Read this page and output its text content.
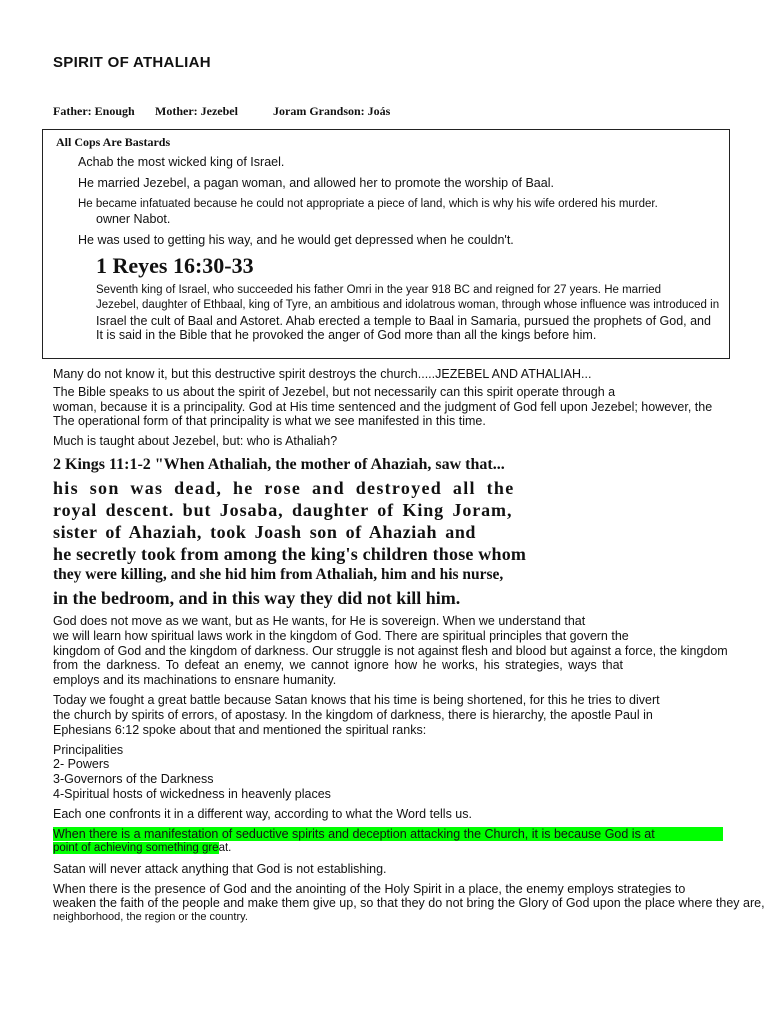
SPIRIT OF ATHALIAH
Father: Enough Mother: Jezebel	Joram Grandson: Joás
All Cops Are Bastards
Achab the most wicked king of Israel.
He married Jezebel, a pagan woman, and allowed her to promote the worship of Baal.
He became infatuated because he could not appropriate a piece of land, which is why his wife ordered his murder.
owner Nabot.
He was used to getting his way, and he would get depressed when he couldn't.
1 Reyes 16:30-33
Seventh king of Israel, who succeeded his father Omri in the year 918 BC and reigned for 27 years. He married
Jezebel, daughter of Ethbaal, king of Tyre, an ambitious and idolatrous woman, through whose influence was introduced in
Israel the cult of Baal and Astoret. Ahab erected a temple to Baal in Samaria, pursued the prophets of God, and
It is said in the Bible that he provoked the anger of God more than all the kings before him.
Many do not know it, but this destructive spirit destroys the church.....JEZEBEL AND ATHALIAH...
The Bible speaks to us about the spirit of Jezebel, but not necessarily can this spirit operate through a
woman, because it is a principality. God at His time sentenced and the judgment of God fell upon Jezebel; however, the
The operational form of that principality is what we see manifested in this time.
Much is taught about Jezebel, but: who is Athaliah?
2 Kings 11:1-2 "When Athaliah, the mother of Ahaziah, saw that...
his son was dead, he rose and destroyed all the
royal descent. but Josaba, daughter of King Joram,
sister of Ahaziah, took Joash son of Ahaziah and
he secretly took from among the king's children those whom
they were killing, and she hid him from Athaliah, him and his nurse,
in the bedroom, and in this way they did not kill him.
God does not move as we want, but as He wants, for He is sovereign. When we understand that
we will learn how spiritual laws work in the kingdom of God. There are spiritual principles that govern the
kingdom of God and the kingdom of darkness. Our struggle is not against flesh and blood but against a force, the kingdom
from the darkness. To defeat an enemy, we cannot ignore how he works, his strategies, ways that
employs and its machinations to ensnare humanity.
Today we fought a great battle because Satan knows that his time is being shortened, for this he tries to divert
the church by spirits of errors, of apostasy. In the kingdom of darkness, there is hierarchy, the apostle Paul in
Ephesians 6:12 spoke about that and mentioned the spiritual ranks:
Principalities
2- Powers
3-Governors of the Darkness
4-Spiritual hosts of wickedness in heavenly places
Each one confronts it in a different way, according to what the Word tells us.
When there is a manifestation of seductive spirits and deception attacking the Church, it is because God is at
point of achieving something great.
Satan will never attack anything that God is not establishing.
When there is the presence of God and the anointing of the Holy Spirit in a place, the enemy employs strategies to
weaken the faith of the people and make them give up, so that they do not bring the Glory of God upon the place where they are,
neighborhood, the region or the country.
